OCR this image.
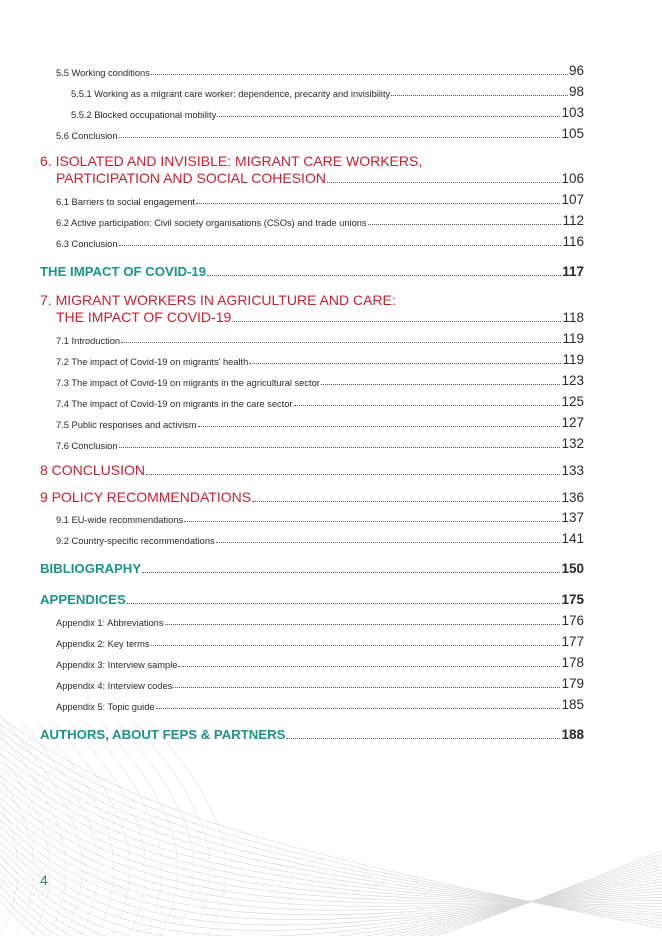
5.5 Working conditions	96
5.5.1 Working as a migrant care worker: dependence, precarity and invisibility	98
5.5.2 Blocked occupational mobility	103
5.6 Conclusion	105
6. ISOLATED AND INVISIBLE: MIGRANT CARE WORKERS,
PARTICIPATION AND SOCIAL COHESION	106
6.1 Barriers to social engagement	107
6.2 Active participation: Civil society organisations (CSOs) and trade unions	112
6.3 Conclusion	116
THE IMPACT OF COVID-19	117
7. MIGRANT WORKERS IN AGRICULTURE AND CARE:
THE IMPACT OF COVID-19	118
7.1 Introduction	119
7.2 The impact of Covid-19 on migrants' health	119
7.3 The impact of Covid-19 on migrants in the agricultural sector	123
7.4 The impact of Covid-19 on migrants in the care sector	125
7.5 Public responses and activism	127
7.6 Conclusion	132
8 CONCLUSION	133
9 POLICY RECOMMENDATIONS	136
9.1 EU-wide recommendations	137
9.2 Country-specific recommendations	141
BIBLIOGRAPHY	150
APPENDICES	175
Appendix 1: Abbreviations	176
Appendix 2: Key terms	177
Appendix 3: Interview sample	178
Appendix 4: Interview codes	179
Appendix 5: Topic guide	185
AUTHORS, ABOUT FEPS & PARTNERS	188
4
